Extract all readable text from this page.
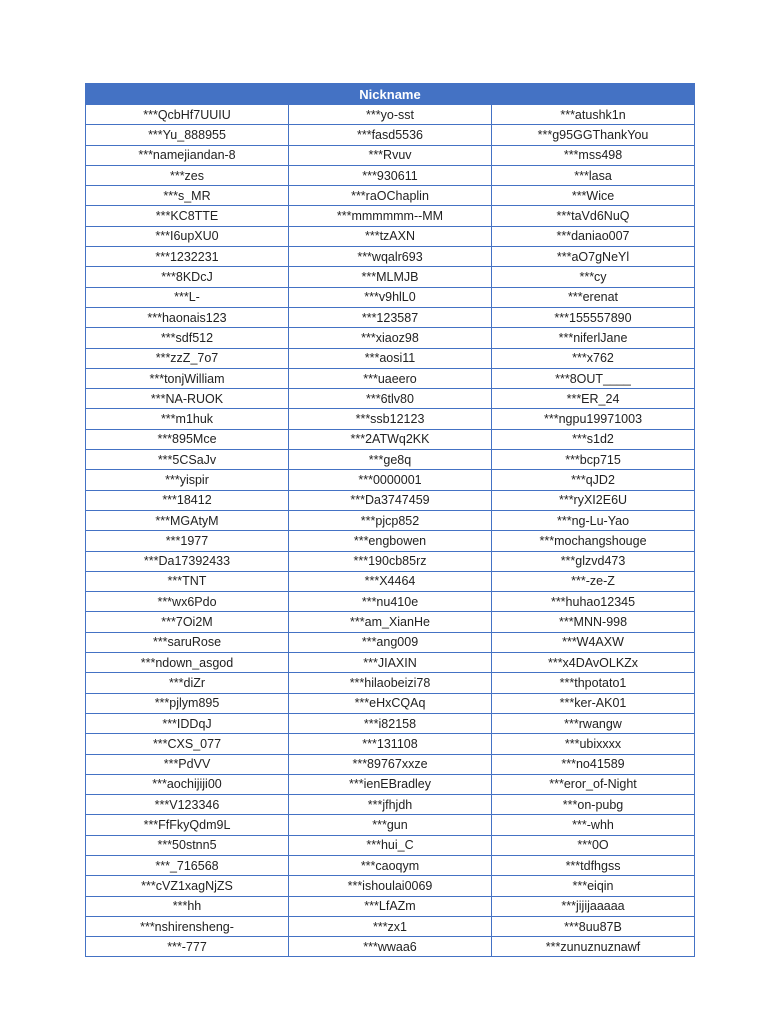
Nickname		
***QcbHf7UUIU	***yo-sst	***atushk1n
***Yu_888955	***fasd5536	***g95GGThankYou
***namejiandan-8	***Rvuv	***mss498
***zes	***930611	***lasa
***s_MR	***raOChaplin	***Wice
***KC8TTE	***mmmmmm--MM	***taVd6NuQ
***I6upXU0	***tzAXN	***daniao007
***1232231	***wqalr693	***aO7gNeYl
***8KDcJ	***MLMJB	***cy
***L-	***v9hlL0	***erenat
***haonais123	***123587	***155557890
***sdf512	***xiaoz98	***niferlJane
***zzZ_7o7	***aosi11	***x762
***tonjWilliam	***uaeero	***8OUT____
***NA-RUOK	***6tlv80	***ER_24
***m1huk	***ssb12123	***ngpu19971003
***895Mce	***2ATWq2KK	***s1d2
***5CSaJv	***ge8q	***bcp715
***yispir	***0000001	***qJD2
***18412	***Da3747459	***ryXI2E6U
***MGAtyM	***pjcp852	***ng-Lu-Yao
***1977	***engbowen	***mochangshouge
***Da17392433	***190cb85rz	***glzvd473
***TNT	***X4464	***-ze-Z
***wx6Pdo	***nu410e	***huhao12345
***7Oi2M	***am_XianHe	***MNN-998
***saruRose	***ang009	***W4AXW
***ndown_asgod	***JIAXIN	***x4DAvOLKZx
***diZr	***hilaobeizi78	***thpotato1
***pjlym895	***eHxCQAq	***ker-AK01
***IDDqJ	***i82158	***rwangw
***CXS_077	***131108	***ubixxxx
***PdVV	***89767xxze	***no41589
***aochijiji00	***ienEBradley	***eror_of-Night
***V123346	***jfhjdh	***on-pubg
***FfFkyQdm9L	***gun	***-whh
***50stnn5	***hui_C	***0O
***_716568	***caoqym	***tdfhgss
***cVZ1xagNjZS	***ishoulai0069	***eiqin
***hh	***LfAZm	***jijijaaaaa
***nshirensheng-	***zx1	***8uu87B
***-777	***wwaa6	***zunuznuznawf
